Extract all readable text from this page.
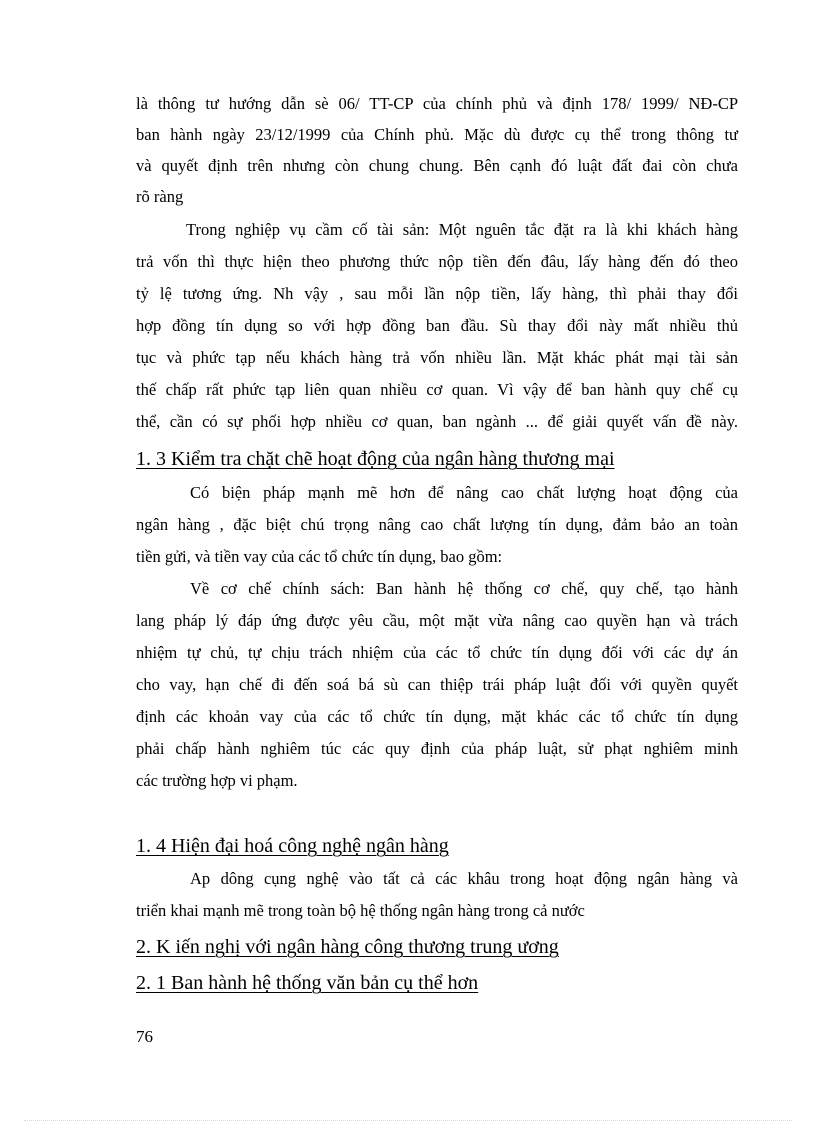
là thông tư hướng dẫn sè 06/ TT-CP của chính phủ và định 178/ 1999/ NĐ-CP
ban hành ngày 23/12/1999 của Chính phủ. Mặc dù được cụ thể trong thông tư
và quyết định trên nhưng còn chung chung. Bên cạnh đó luật đất đai còn chưa
rõ ràng
Trong nghiệp vụ cầm cố tài sản: Một nguên tắc đặt ra là khi khách hàng
trả vốn thì thực hiện theo phương thức nộp tiền đến đâu, lấy hàng đến đó theo
tỷ lệ tương ứng. Nh vậy , sau mỗi lần nộp tiền, lấy hàng, thì phải thay đổi
hợp đồng tín dụng so với hợp đồng ban đầu. Sù thay đổi này mất nhiều thủ
tục và phức tạp nếu khách hàng trả vốn nhiều lần. Mặt khác phát mại tài sản
thế chấp rất phức tạp liên quan nhiều cơ quan. Vì vậy để ban hành quy chế cụ
thể, cần có sự phối hợp nhiều cơ quan, ban ngành ... để giải quyết vấn đề này.
1. 3 Kiểm tra chặt chẽ hoạt động của ngân hàng thương mại
Có biện pháp mạnh mẽ hơn để nâng cao chất lượng hoạt động của
ngân hàng , đặc biệt chú trọng nâng cao chất lượng tín dụng, đảm bảo an toàn
tiền gửi, và tiền vay của các tổ chức tín dụng, bao gồm:
Về cơ chế chính sách: Ban hành hệ thống cơ chế, quy chế, tạo hành
lang pháp lý đáp ứng được yêu cầu, một mặt vừa nâng cao quyền hạn và trách
nhiệm tự chủ, tự chịu trách nhiệm của các tổ chức tín dụng đối với các dự án
cho vay, hạn chế đi đến soá bá sù can thiệp trái pháp luật đối với quyền quyết
định các khoản vay của các tổ chức tín dụng, mặt khác các tổ chức tín dụng
phải chấp hành nghiêm túc các quy định của pháp luật, sử phạt nghiêm minh
các trường hợp vi phạm.
1. 4 Hiện đại hoá công nghệ ngân hàng
Ap dông cụng nghệ vào tất cả các khâu trong hoạt động ngân hàng và
triển khai mạnh mẽ trong toàn bộ hệ thống ngân hàng trong cả nước
2. K iến nghị với ngân hàng công thương trung ương
2. 1 Ban hành hệ thống văn bản cụ thể hơn
76
